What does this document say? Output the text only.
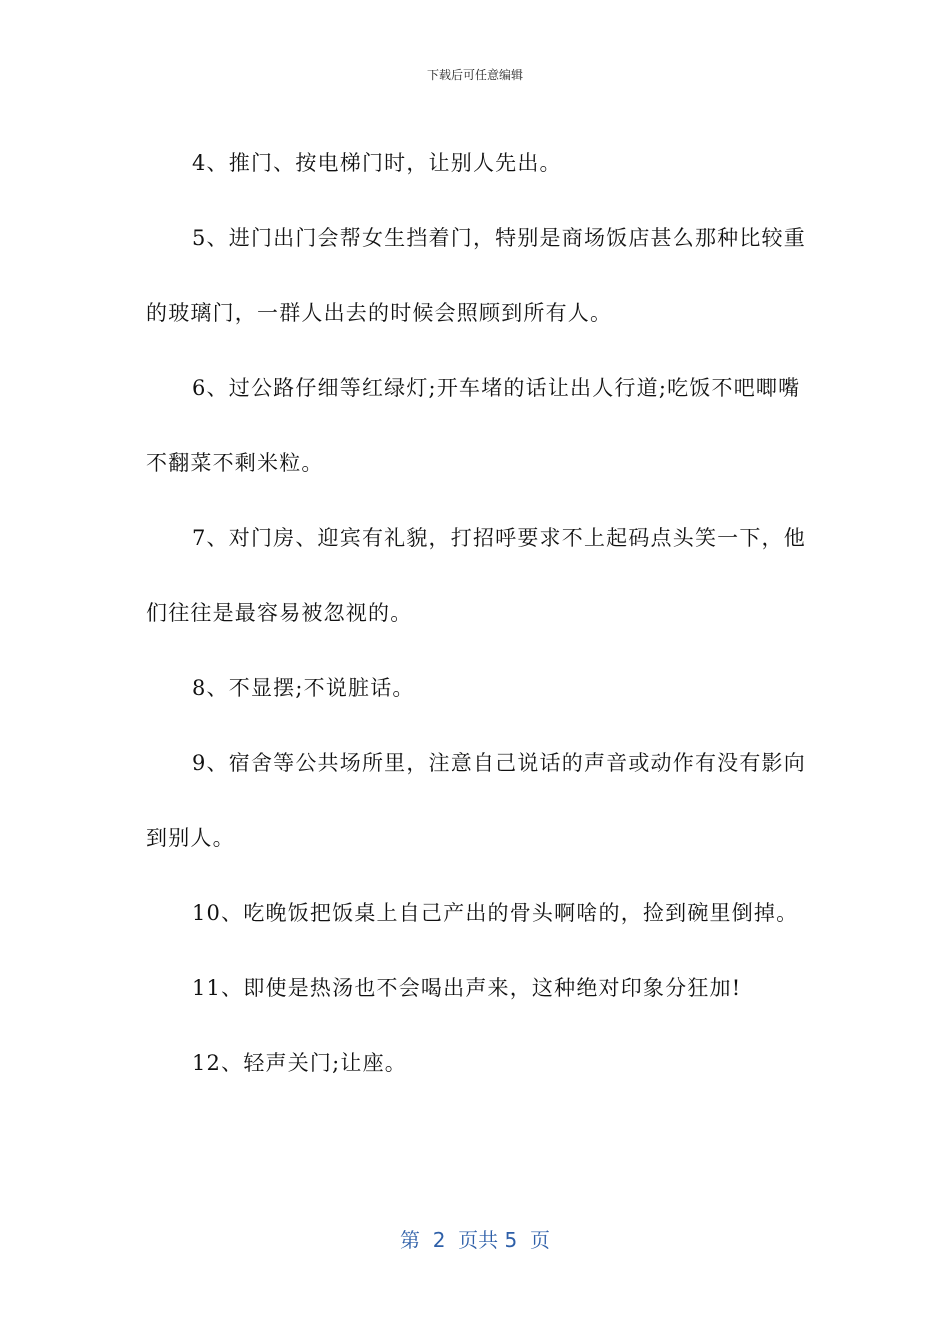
下载后可任意编辑

4、推门、按电梯门时，让别人先出。

5、进门出门会帮女生挡着门，特别是商场饭店甚么那种比较重的玻璃门，一群人出去的时候会照顾到所有人。

6、过公路仔细等红绿灯;开车堵的话让出人行道;吃饭不吧唧嘴不翻菜不剩米粒。

7、对门房、迎宾有礼貌，打招呼要求不上起码点头笑一下，他们往往是最容易被忽视的。

8、不显摆;不说脏话。

9、宿舍等公共场所里，注意自己说话的声音或动作有没有影向到别人。

10、吃晚饭把饭桌上自己产出的骨头啊啥的，捡到碗里倒掉。

11、即使是热汤也不会喝出声来，这种绝对印象分狂加!

12、轻声关门;让座。

第  2  页共 5  页
